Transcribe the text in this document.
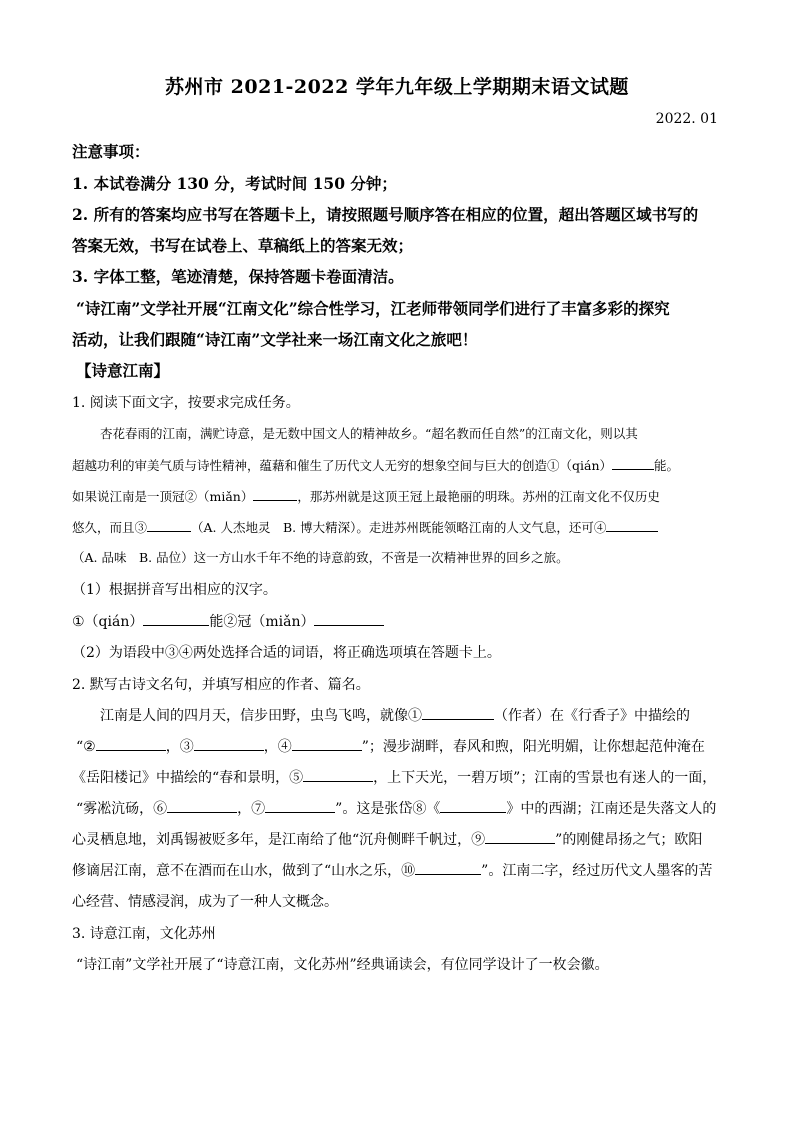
苏州市 2021-2022 学年九年级上学期期末语文试题
2022. 01
注意事项：
1. 本试卷满分 130 分，考试时间 150 分钟；
2. 所有的答案均应书写在答题卡上，请按照题号顺序答在相应的位置，超出答题区域书写的
答案无效，书写在试卷上、草稿纸上的答案无效；
3. 字体工整，笔迹清楚，保持答题卡卷面清洁。
“诗江南”文学社开展“江南文化”综合性学习，江老师带领同学们进行了丰富多彩的探究
活动，让我们跟随“诗江南”文学社来一场江南文化之旅吧！
【诗意江南】
1. 阅读下面文字，按要求完成任务。
杏花春雨的江南，满贮诗意，是无数中国文人的精神故乡。“超名教而任自然”的江南文化，则以其
超越功利的审美气质与诗性精神，蕴藉和催生了历代文人无穷的想象空间与巨大的创造①（qián）	能。
如果说江南是一顶冠②（miǎn）	，那苏州就是这顶王冠上最艳丽的明珠。苏州的江南文化不仅历史
悠久，而且③	（A. 人杰地灵　B. 博大精深）。走进苏州既能领略江南的人文气息，还可④
（A. 品味　B. 品位）这一方山水千年不绝的诗意韵致，不啻是一次精神世界的回乡之旅。
（1）根据拼音写出相应的汉字。
①（qián）	能②冠（miǎn）
（2）为语段中③④两处选择合适的词语，将正确选项填在答题卡上。
2. 默写古诗文名句，并填写相应的作者、篇名。
江南是人间的四月天，信步田野，虫鸟飞鸣，就像①	（作者）在《行香子》中描绘的
“②	，③	，④	”；漫步湖畔，春风和煦，阳光明媚，让你想起范仲淹在
《岳阳楼记》中描绘的“春和景明，⑤	，上下天光，一碧万顷”；江南的雪景也有迷人的一面，
“雾凇沆砀，⑥	，⑦	”。这是张岱⑧《	》中的西湖；江南还是失落文人的
心灵栖息地，刘禹锡被贬多年，是江南给了他“沉舟侧畔千帆过，⑨	”的刚健昂扬之气；欧阳
修谪居江南，意不在酒而在山水，做到了“山水之乐，⑩	”。江南二字，经过历代文人墨客的苦
心经营、情感浸润，成为了一种人文概念。
3. 诗意江南，文化苏州
“诗江南”文学社开展了“诗意江南，文化苏州”经典诵读会，有位同学设计了一枚会徽。
